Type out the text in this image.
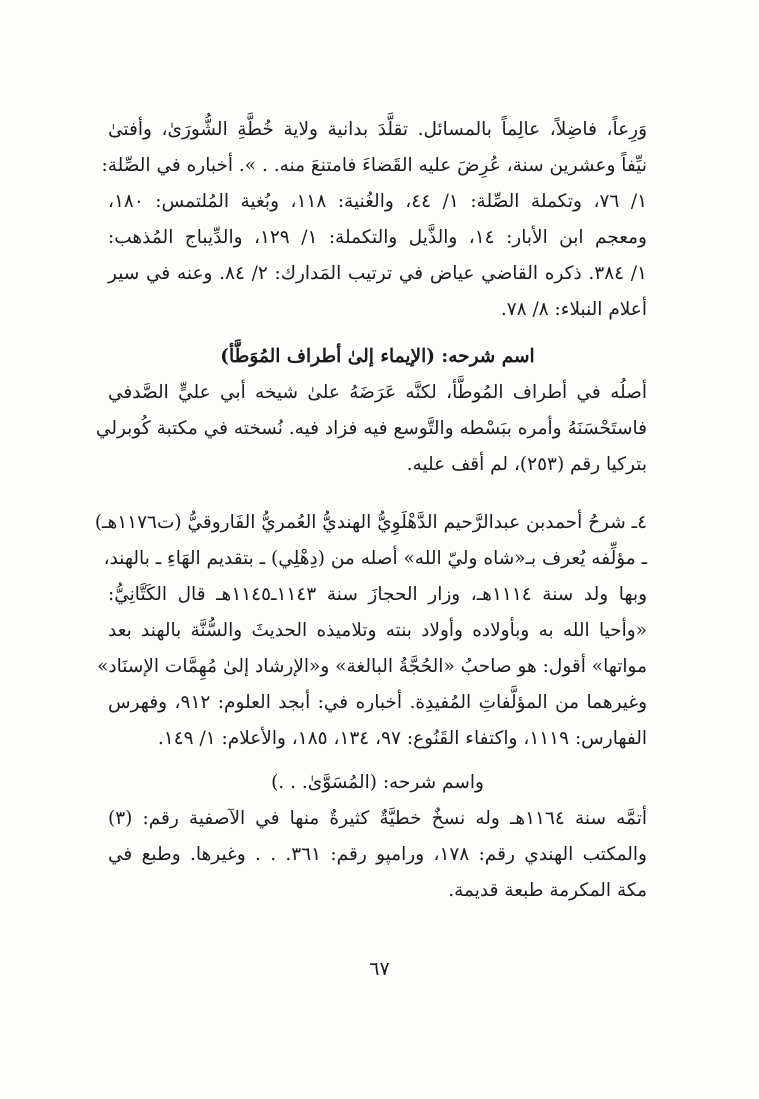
وَرِعاً، فاضِلاً، عالِماً بالمسائل. تقلَّدَ بدانية ولاية خُطَّةِ الشُّورَىٰ، وأفتىٰ
نيِّفاً وعشرين سنة، عُرِضَ عليه القَضاءَ فامتنعَ منه. . ». أخباره في الصِّلة:
١/ ٧٦، وتكملة الصِّلة: ١/ ٤٤، والغُنية: ١١٨، وبُغية المُلتمس: ١٨٠،
ومعجم ابن الأبار: ١٤، والذَّيل والتكملة: ١/ ١٢٩، والدِّيباج المُذهب:
١/ ٣٨٤. ذكره القاضي عياض في ترتيب المَدارك: ٢/ ٨٤. وعنه في سير
أعلام النبلاء: ٨/ ٧٨.
اسم شرحه: (الإيماء إلىٰ أطراف المُوَطَّأ)
أصلُه في أطراف المُوطَّأ، لكنَّه عَرَضَهُ علىٰ شيخه أبي عليٍّ الصَّدفي
فاستَحْسَنَهُ وأمره ببَسْطه والتَّوسع فيه فزاد فيه. نُسخته في مكتبة كُوبرلي
بتركيا رقم (٢٥٣)، لم أقف عليه.
٤ـ شرحُ أحمدبن عبدالرَّحيم الدَّهْلَوِيُّ الهنديُّ العُمريُّ الفَاروقيُّ (ت١١٧٦هـ)
ـ مؤلِّفه يُعرف بـ«شاه وليّ الله» أصله من (دِهْلِي) ـ بتقديم الهَاءِ ـ بالهند،
وبها ولد سنة ١١١٤هـ، وزار الحجازَ سنة ١١٤٣ـ١١٤٥هـ قال الكَتَّانِيُّ:
«وأحيا الله به وبأولاده وأولاد بنته وتلاميذه الحديثَ والسُّنَّة بالهند بعد
مواتها» أقول: هو صاحبُ «الحُجَّةُ البالغة» و«الإرشاد إلىٰ مُهِمَّات الإسنَاد»
وغيرهما من المؤلَّفاتِ المُفيدِة. أخباره في: أبجد العلوم: ٩١٢، وفهرس
الفهارس: ١١١٩، واكتفاء القَنُوع: ٩٧، ١٣٤، ١٨٥، والأعلام: ١/ ١٤٩.
واسم شرحه: (المُسَوَّىٰ. . .)
أتمَّه سنة ١١٦٤هـ وله نسخٌ خطيَّةٌ كثيرةٌ منها في الآصفية رقم: (٣)
والمكتب الهندي رقم: ١٧٨، ورامپو رقم: ٣٦١. . . وغيرها. وطبع في
مكة المكرمة طبعة قديمة.
٦٧
